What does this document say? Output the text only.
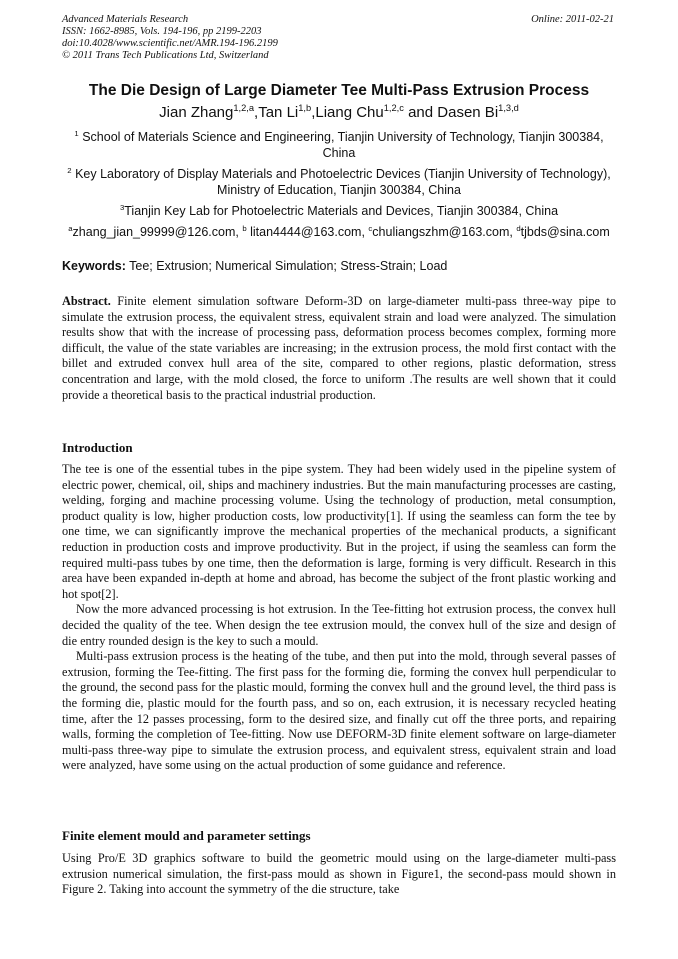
Advanced Materials Research
ISSN: 1662-8985, Vols. 194-196, pp 2199-2203
doi:10.4028/www.scientific.net/AMR.194-196.2199
© 2011 Trans Tech Publications Ltd, Switzerland
Online: 2011-02-21
The Die Design of Large Diameter Tee Multi-Pass Extrusion Process
Jian Zhang$^{1,2,a}$,Tan Li$^{1,b}$,Liang Chu$^{1,2,c}$ and Dasen Bi$^{1,3,d}$
$^1$ School of Materials Science and Engineering, Tianjin University of Technology, Tianjin 300384, China
$^2$ Key Laboratory of Display Materials and Photoelectric Devices (Tianjin University of Technology), Ministry of Education, Tianjin 300384, China
$^3$Tianjin Key Lab for Photoelectric Materials and Devices, Tianjin 300384, China
$^a$zhang_jian_99999@126.com, $^b$ litan4444@163.com, $^c$chuliangszhm@163.com, $^d$tjbds@sina.com
Keywords: Tee; Extrusion; Numerical Simulation; Stress-Strain; Load
Abstract. Finite element simulation software Deform-3D on large-diameter multi-pass three-way pipe to simulate the extrusion process, the equivalent stress, equivalent strain and load were analyzed. The simulation results show that with the increase of processing pass, deformation process becomes complex, forming more difficult, the value of the state variables are increasing; in the extrusion process, the mold first contact with the billet and extruded convex hull area of the site, compared to other regions, plastic deformation, stress concentration and large, with the mold closed, the force to uniform .The results are well shown that it could provide a theoretical basis to the practical industrial production.
Introduction

The tee is one of the essential tubes in the pipe system. They had been widely used in the pipeline system of electric power, chemical, oil, ships and machinery industries. But the main manufacturing processes are casting, welding, forging and machine processing volume. Using the technology of production, metal consumption, product quality is low, higher production costs, low productivity[1]. If using the seamless can form the tee by one time, we can significantly improve the mechanical properties of the mechanical products, a significant reduction in production costs and improve productivity. But in the project, if using the seamless can form the required multi-pass tubes by one time, then the deformation is large, forming is very difficult. Research in this area have been expanded in-depth at home and abroad, has become the subject of the front plastic working and hot spot[2].

Now the more advanced processing is hot extrusion. In the Tee-fitting hot extrusion process, the convex hull decided the quality of the tee. When design the tee extrusion mould, the convex hull of the size and design of die entry rounded design is the key to such a mould.

Multi-pass extrusion process is the heating of the tube, and then put into the mold, through several passes of extrusion, forming the Tee-fitting. The first pass for the forming die, forming the convex hull perpendicular to the ground, the second pass for the plastic mould, forming the convex hull and the ground level, the third pass is the forming die, plastic mould for the fourth pass, and so on, each extrusion, it is necessary recycled heating time, after the 12 passes processing, form to the desired size, and finally cut off the three ports, and repairing walls, forming the completion of Tee-fitting. Now use DEFORM-3D finite element software on large-diameter multi-pass three-way pipe to simulate the extrusion process, and equivalent stress, equivalent strain and load were analyzed, have some using on the actual production of some guidance and reference.

Finite element mould and parameter settings

Using Pro/E 3D graphics software to build the geometric mould using on the large-diameter multi-pass extrusion numerical simulation, the first-pass mould as shown in Figure1, the second-pass mould shown in Figure 2. Taking into account the symmetry of the die structure, take
